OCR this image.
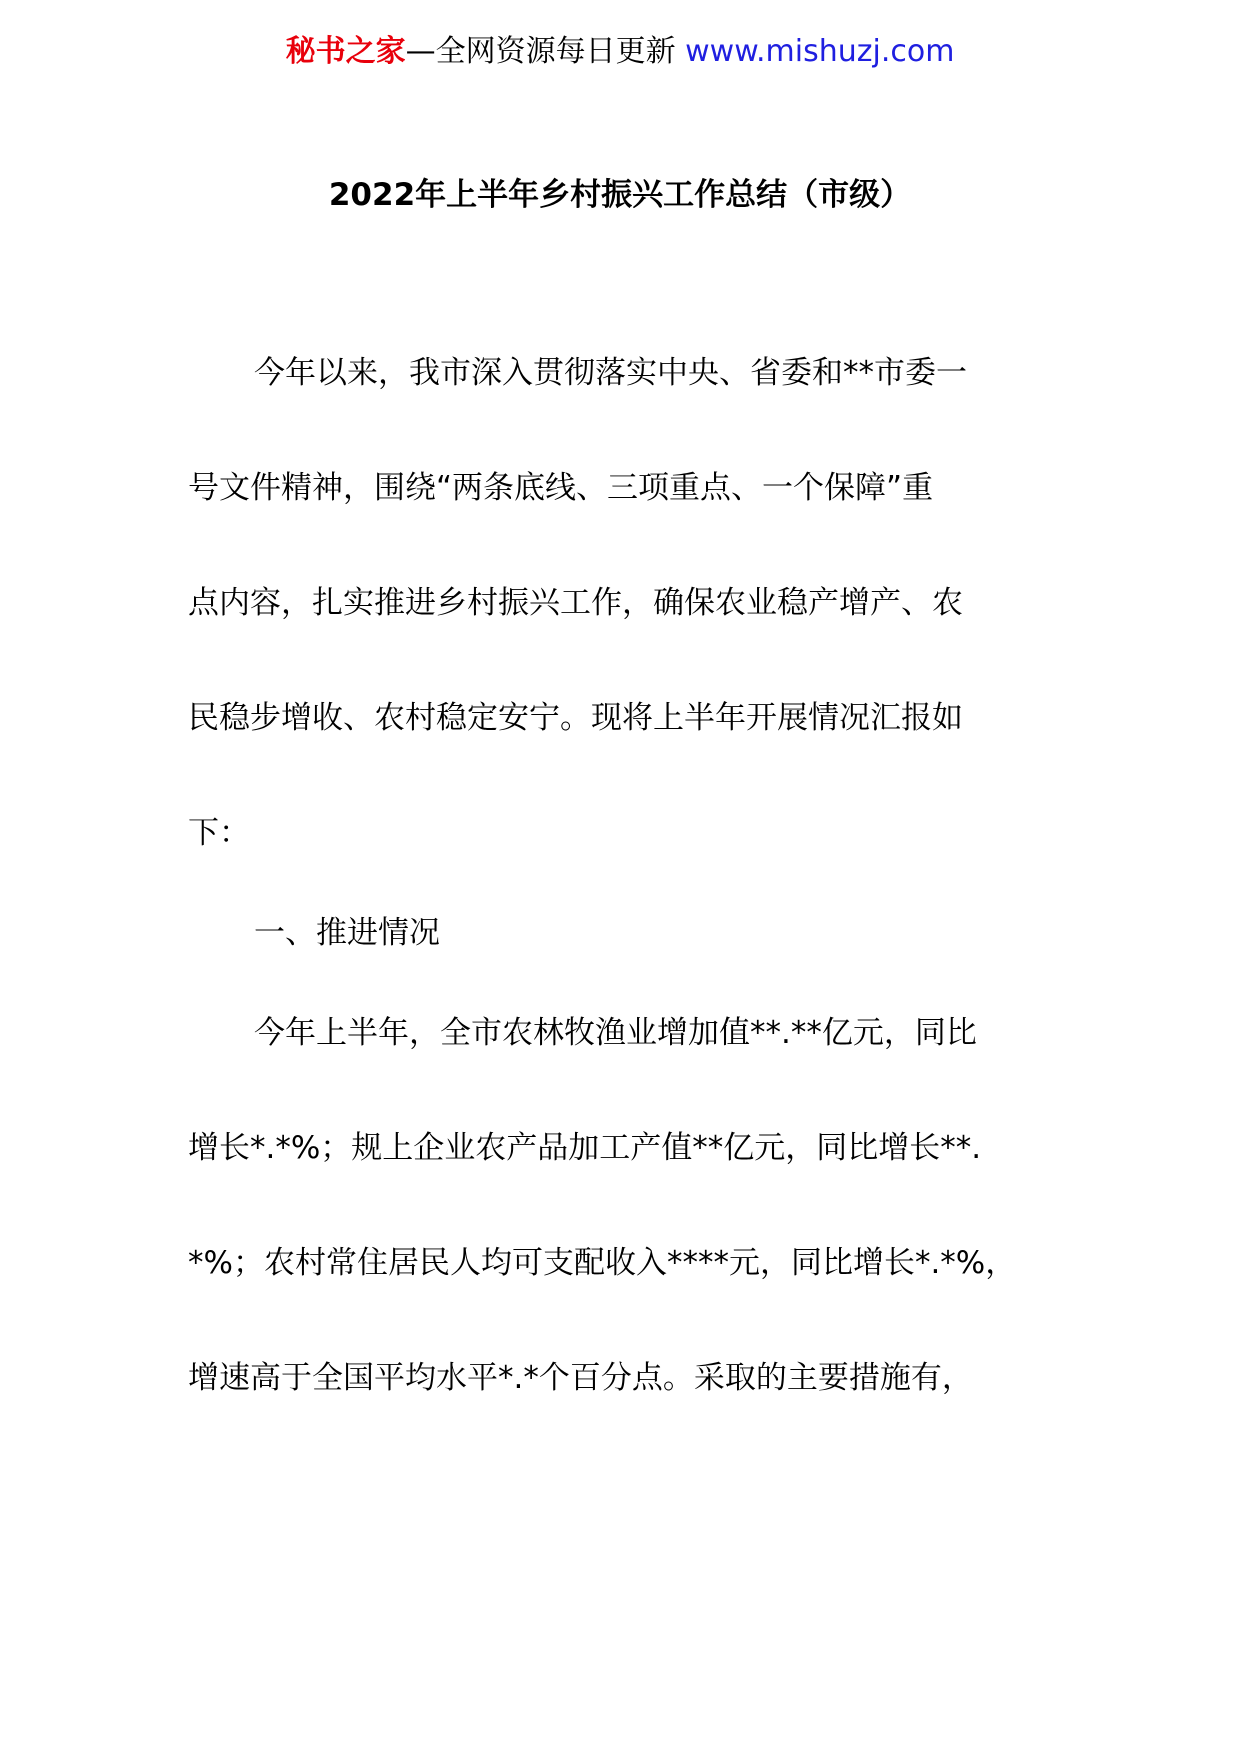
秘书之家—全网资源每日更新 www.mishuzj.com
2022年上半年乡村振兴工作总结（市级）
今年以来，我市深入贯彻落实中央、省委和**市委一
号文件精神，围绕“两条底线、三项重点、一个保障”重
点内容，扎实推进乡村振兴工作，确保农业稳产增产、农
民稳步增收、农村稳定安宁。现将上半年开展情况汇报如
下：
一、推进情况
今年上半年，全市农林牧渔业增加值**.**亿元，同比
增长*.*%；规上企业农产品加工产值**亿元，同比增长**.
*%；农村常住居民人均可支配收入****元，同比增长*.*%，
增速高于全国平均水平*.*个百分点。采取的主要措施有，
